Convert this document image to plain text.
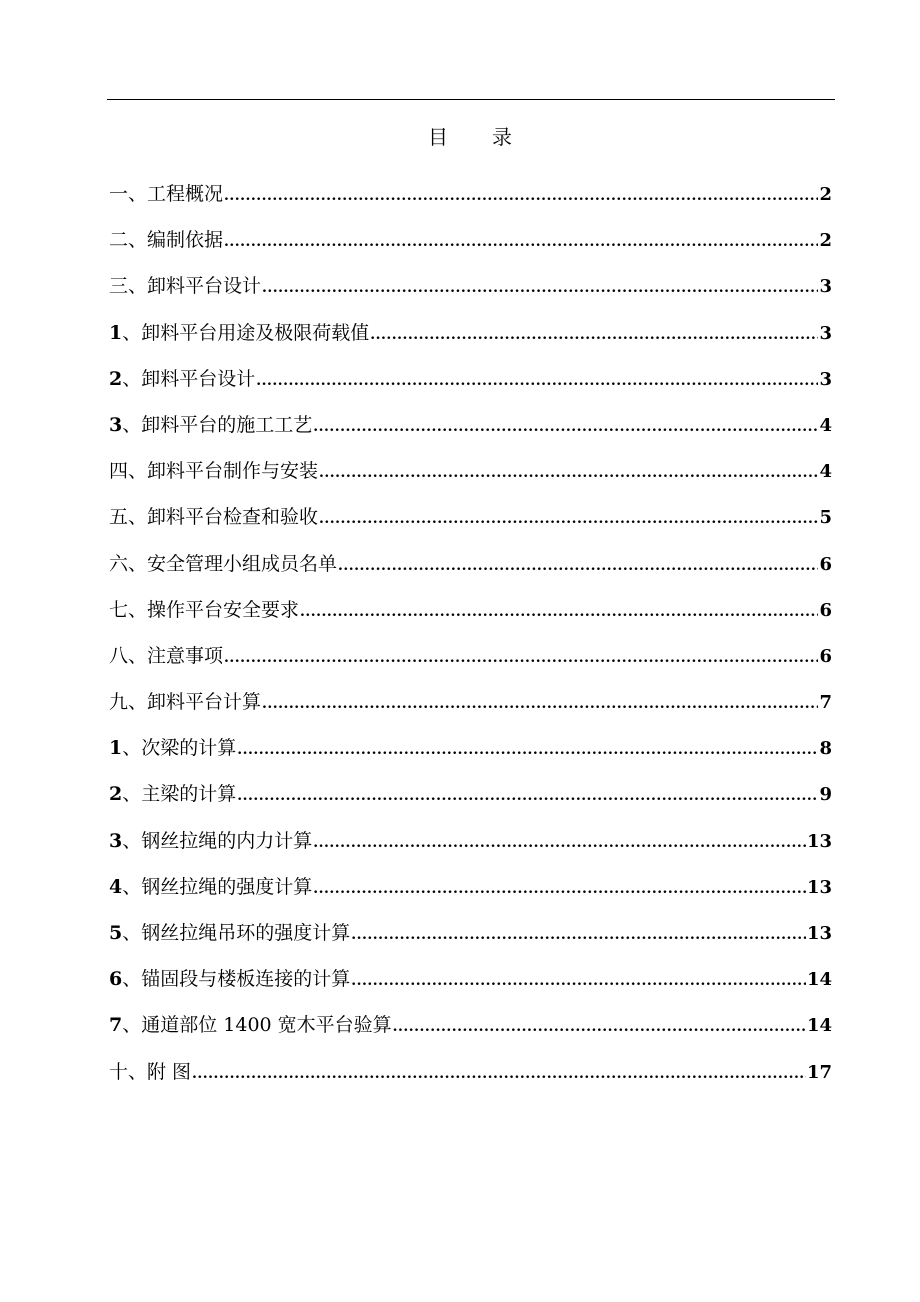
目 录
一、工程概况 .....	2
二、编制依据 .....	2
三、卸料平台设计 .....	3
1、卸料平台用途及极限荷载值 .....	3
2、卸料平台设计 .....	3
3、卸料平台的施工工艺 .....	4
四、卸料平台制作与安装 .....	4
五、卸料平台检查和验收 .....	5
六、安全管理小组成员名单 .....	6
七、操作平台安全要求 .....	6
八、注意事项 .....	6
九、卸料平台计算 .....	7
1、次梁的计算 .....	8
2、主梁的计算 .....	9
3、钢丝拉绳的内力计算 .....	13
4、钢丝拉绳的强度计算 .....	13
5、钢丝拉绳吊环的强度计算 .....	13
6、锚固段与楼板连接的计算 .....	14
7、通道部位 1400 宽木平台验算 .....	14
十、附 图 .....	17
